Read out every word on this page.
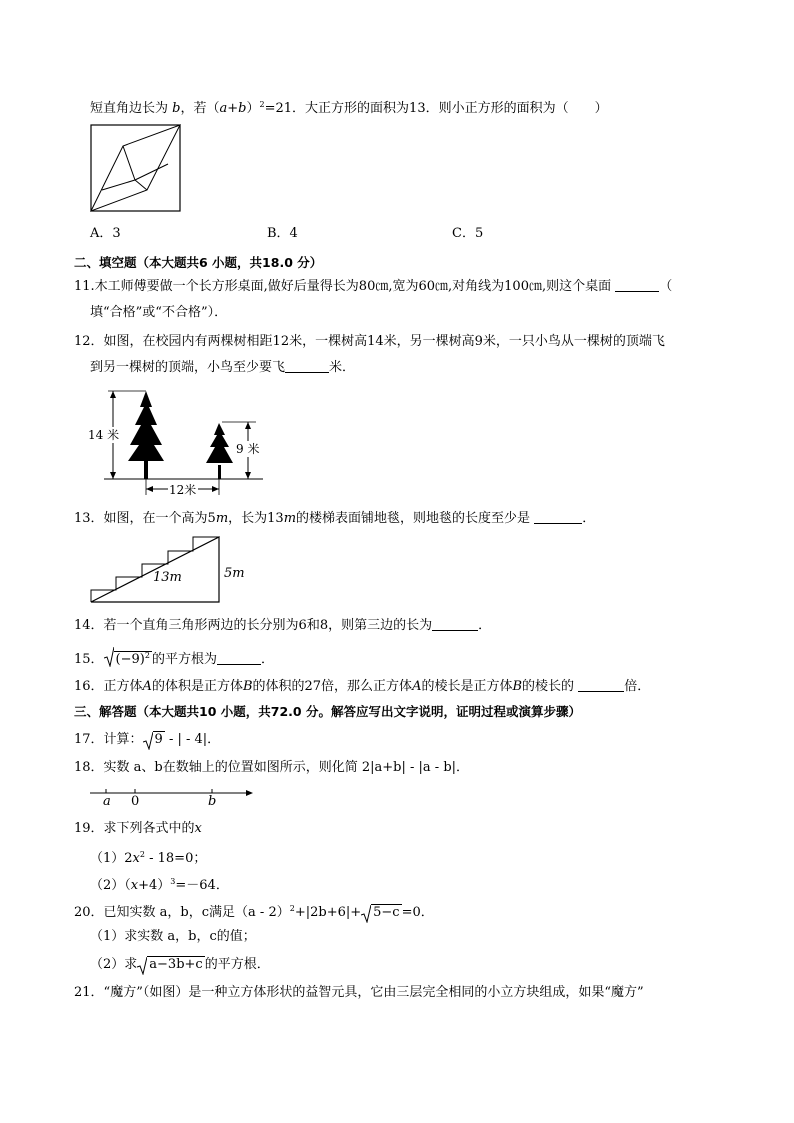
短直角边长为 b，若$(a+b)^2=21$．大正方形的面积为13．则小正方形的面积为（　　）
A．3	B．4	C．5
二、填空题（本大题共6 小题，共18.0 分）
11.木工师傅要做一个长方形桌面,做好后量得长为80㎝,宽为60㎝,对角线为100㎝,则这个桌面	（
填“合格”或“不合格”）．
12．如图，在校园内有两棵树相距12米，一棵树高14米，另一棵树高9米，一只小鸟从一棵树的顶端飞
到另一棵树的顶端，小鸟至少要飞	米．
14 米
9 米
12米
13．如图，在一个高为5m，长为13m的楼梯表面铺地毯，则地毯的长度至少是	．
13m	5m
14．若一个直角三角形两边的长分别为6和8，则第三边的长为	．
15． $(-9)^2$ 的平方根为	．
16．正方体A的体积是正方体B的体积的27倍，那么正方体A的棱长是正方体B的棱长的	倍．
三、解答题（本大题共10 小题，共72.0 分。解答应写出文字说明，证明过程或演算步骤）
17．计算： 9 - | - 4|．
18．实数 a、b在数轴上的位置如图所示，则化简 2|a+b| - |a - b|．
a 0	b
19．求下列各式中的x
$(1)2x^2 - 18=0$；
$(2)(x+4)^3=-64$．
20．已知实数 a，b，c满足（a - 2）$^2$+|2b+6|+ 5−c =0．
（1）求实数 a，b，c的值；
（2）求 a−3b+c 的平方根．
21．“魔方”（如图）是一种立方体形状的益智元具，它由三层完全相同的小立方块组成，如果“魔方”
